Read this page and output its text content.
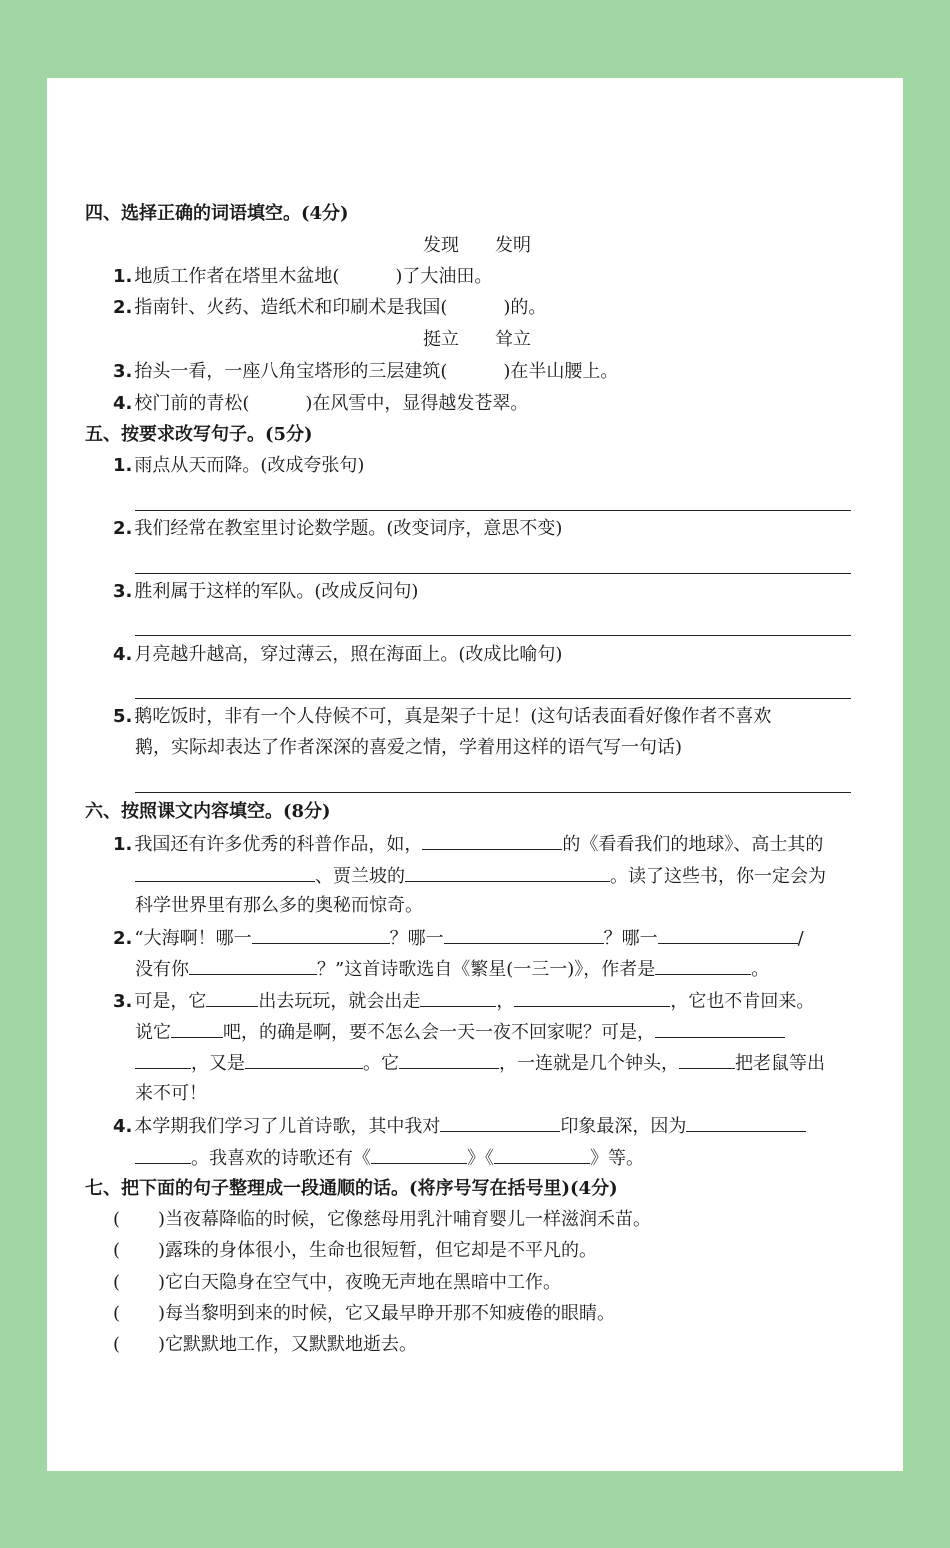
四、选择正确的词语填空。(4分)
发现　　发明
1. 地质工作者在塔里木盆地(	)了大油田。
2. 指南针、火药、造纸术和印刷术是我国(	)的。
挺立　　耸立
3. 抬头一看，一座八角宝塔形的三层建筑(	)在半山腰上。
4. 校门前的青松(	)在风雪中，显得越发苍翠。
五、按要求改写句子。(5分)
1. 雨点从天而降。(改成夸张句)
2. 我们经常在教室里讨论数学题。(改变词序，意思不变)
3. 胜利属于这样的军队。(改成反问句)
4. 月亮越升越高，穿过薄云，照在海面上。(改成比喻句)
5. 鹅吃饭时，非有一个人侍候不可，真是架子十足！(这句话表面看好像作者不喜欢
鹅，实际却表达了作者深深的喜爱之情，学着用这样的语气写一句话)
六、按照课文内容填空。(8分)
1. 我国还有许多优秀的科普作品，如，	的《看看我们的地球》、高士其的
、贾兰坡的	。读了这些书，你一定会为
科学世界里有那么多的奥秘而惊奇。
2. “大海啊！哪一	？哪一	？哪一	/
没有你	？”这首诗歌选自《繁星(一三一)》，作者是	。
3. 可是，它	出去玩玩，就会出走	，	，它也不肯回来。
说它	吧，的确是啊，要不怎么会一天一夜不回家呢？可是，
，又是	。它	，一连就是几个钟头，	把老鼠等出
来不可！
4. 本学期我们学习了儿首诗歌，其中我对	印象最深，因为
。我喜欢的诗歌还有《	》《	》等。
七、把下面的句子整理成一段通顺的话。(将序号写在括号里)(4分)
( )当夜幕降临的时候，它像慈母用乳汁哺育婴儿一样滋润禾苗。
( )露珠的身体很小，生命也很短暂，但它却是不平凡的。
( )它白天隐身在空气中，夜晚无声地在黑暗中工作。
( )每当黎明到来的时候，它又最早睁开那不知疲倦的眼睛。
( )它默默地工作，又默默地逝去。
